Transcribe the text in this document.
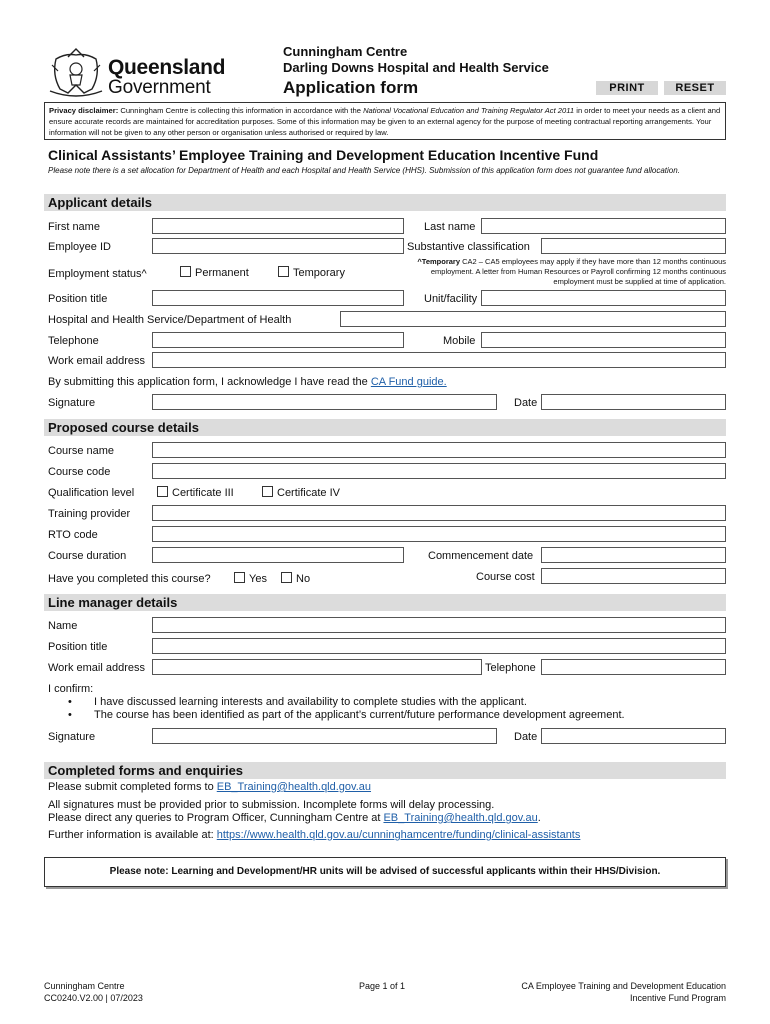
Queensland
Government
Cunningham Centre
Darling Downs Hospital and Health Service
Application form	PRINT	RESET
Privacy disclaimer: Cunningham Centre is collecting this information in accordance with the National Vocational Education and Training Regulator Act 2011 in order to meet your needs as a client and ensure accurate records are maintained for accreditation purposes. Some of this information may be given to an external agency for the purpose of meeting contractual reporting arrangements. Your information will not be given to any other person or organisation unless authorised or required by law.
Clinical Assistants’ Employee Training and Development Education Incentive Fund
Please note there is a set allocation for Department of Health and each Hospital and Health Service (HHS). Submission of this application form does not guarantee fund allocation.
Applicant details
First name	Last name
Employee ID	Substantive classification
Employment status^	Permanent	Temporary
^Temporary CA2 – CA5 employees may apply if they have more than 12 months continuous employment. A letter from Human Resources or Payroll confirming 12 months continuous employment must be supplied at time of application.
Position title	Unit/facility
Hospital and Health Service/Department of Health
Telephone	Mobile
Work email address
By submitting this application form, I acknowledge I have read the CA Fund guide.
Signature	Date
Proposed course details
Course name
Course code
Qualification level	Certificate III	Certificate IV
Training provider
RTO code
Course duration	Commencement date
Have you completed this course?	Yes	No	Course cost
Line manager details
Name
Position title
Work email address	Telephone
I confirm:
• I have discussed learning interests and availability to complete studies with the applicant.
• The course has been identified as part of the applicant’s current/future performance development agreement.
Signature	Date
Completed forms and enquiries
Please submit completed forms to EB_Training@health.qld.gov.au
All signatures must be provided prior to submission. Incomplete forms will delay processing.
Please direct any queries to Program Officer, Cunningham Centre at EB_Training@health.qld.gov.au.
Further information is available at: https://www.health.qld.gov.au/cunninghamcentre/funding/clinical-assistants
Please note: Learning and Development/HR units will be advised of successful applicants within their HHS/Division.
Cunningham Centre
CC0240.V2.00 | 07/2023
Page 1 of 1	CA Employee Training and Development Education
Incentive Fund Program
